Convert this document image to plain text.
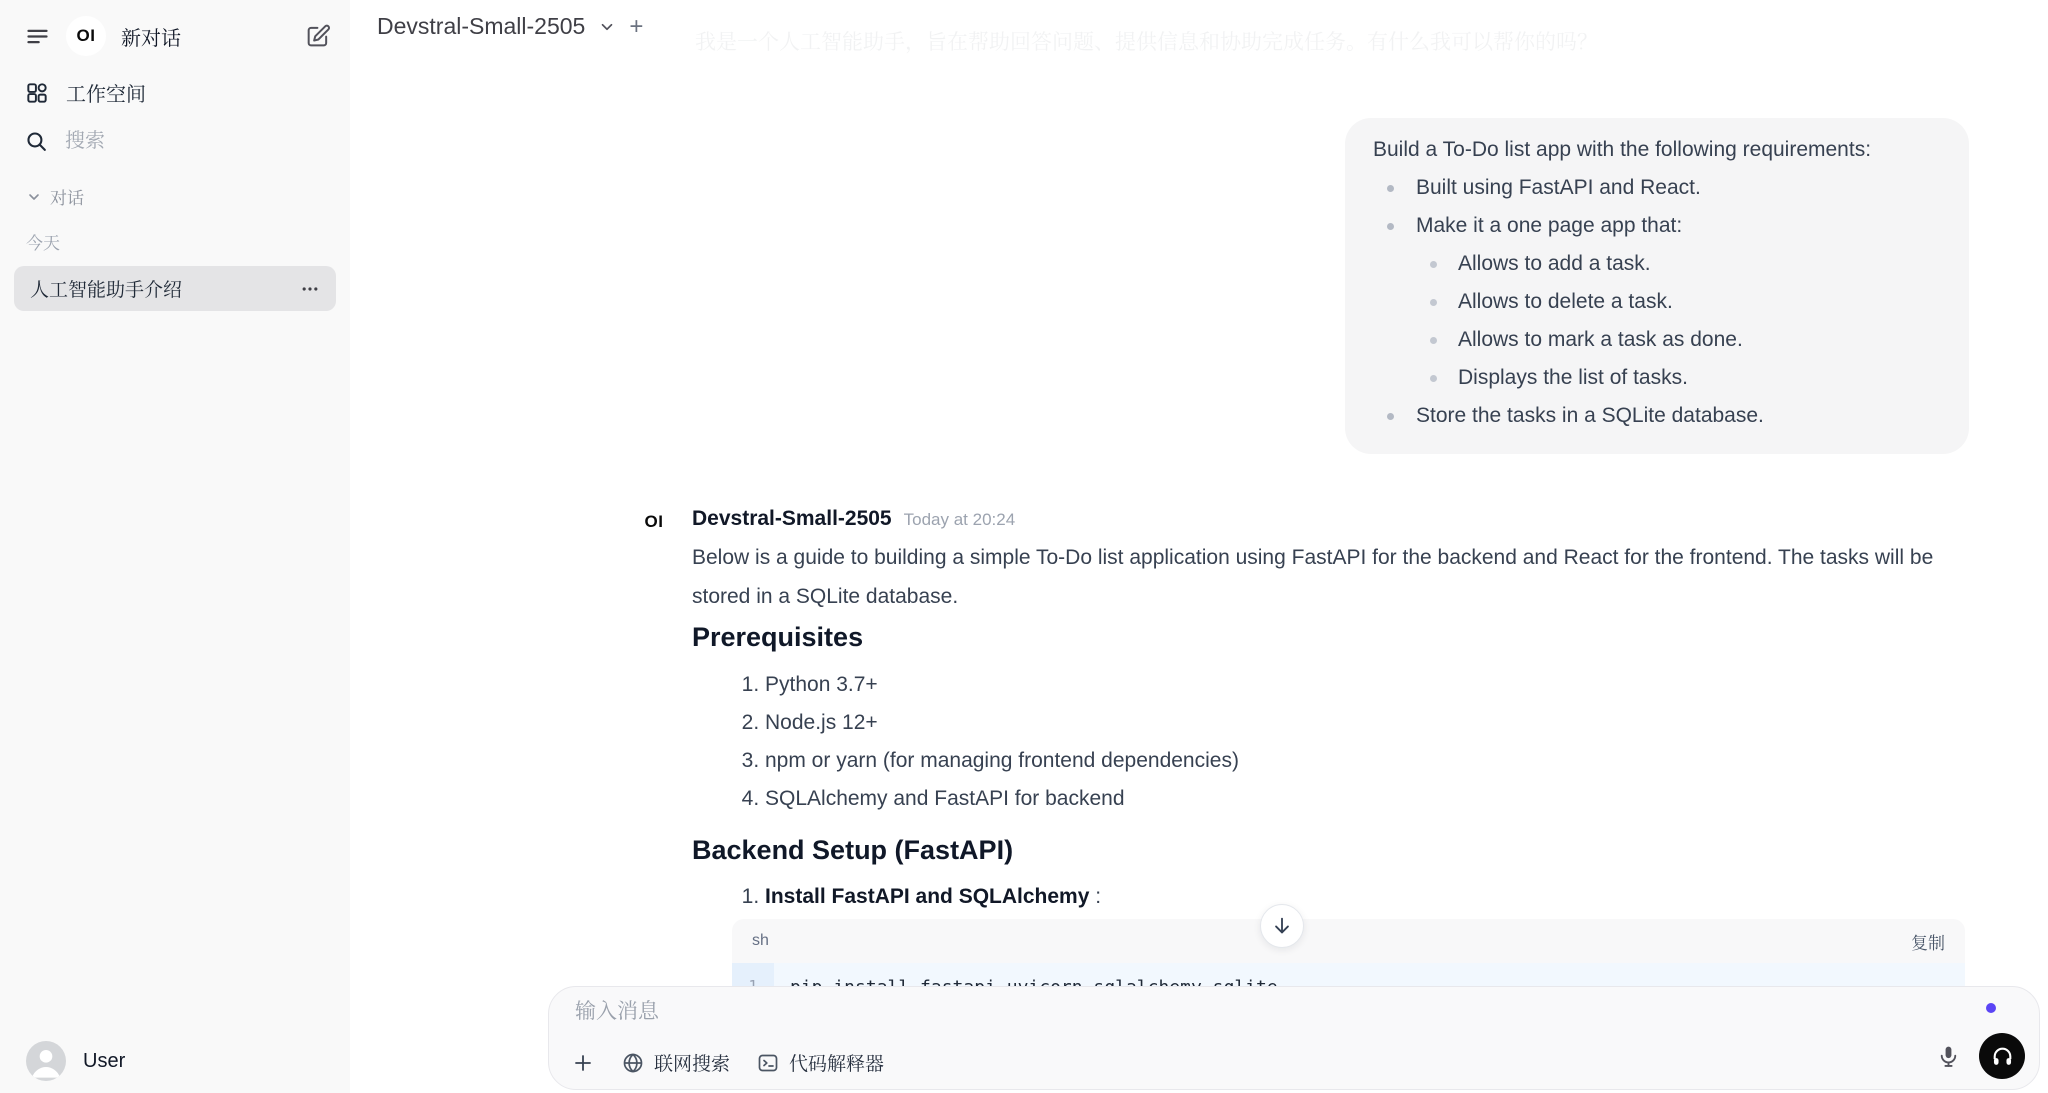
OI 新对话
工作空间
搜索
对话
今天
人工智能助手介绍
User
Devstral-Small-2505 +
我是一个人工智能助手，旨在帮助回答问题、提供信息和协助完成任务。有什么我可以帮你的吗？
Build a To-Do list app with the following requirements:
Built using FastAPI and React.
Make it a one page app that:
Allows to add a task.
Allows to delete a task.
Allows to mark a task as done.
Displays the list of tasks.
Store the tasks in a SQLite database.
OI Devstral-Small-2505 Today at 20:24
Below is a guide to building a simple To-Do list application using FastAPI for the backend and React for the frontend. The tasks will be stored in a SQLite database.
Prerequisites
1. Python 3.7+
2. Node.js 12+
3. npm or yarn (for managing frontend dependencies)
4. SQLAlchemy and FastAPI for backend
Backend Setup (FastAPI)
1. Install FastAPI and SQLAlchemy :
sh	复制
输入消息
联网搜索	代码解释器
